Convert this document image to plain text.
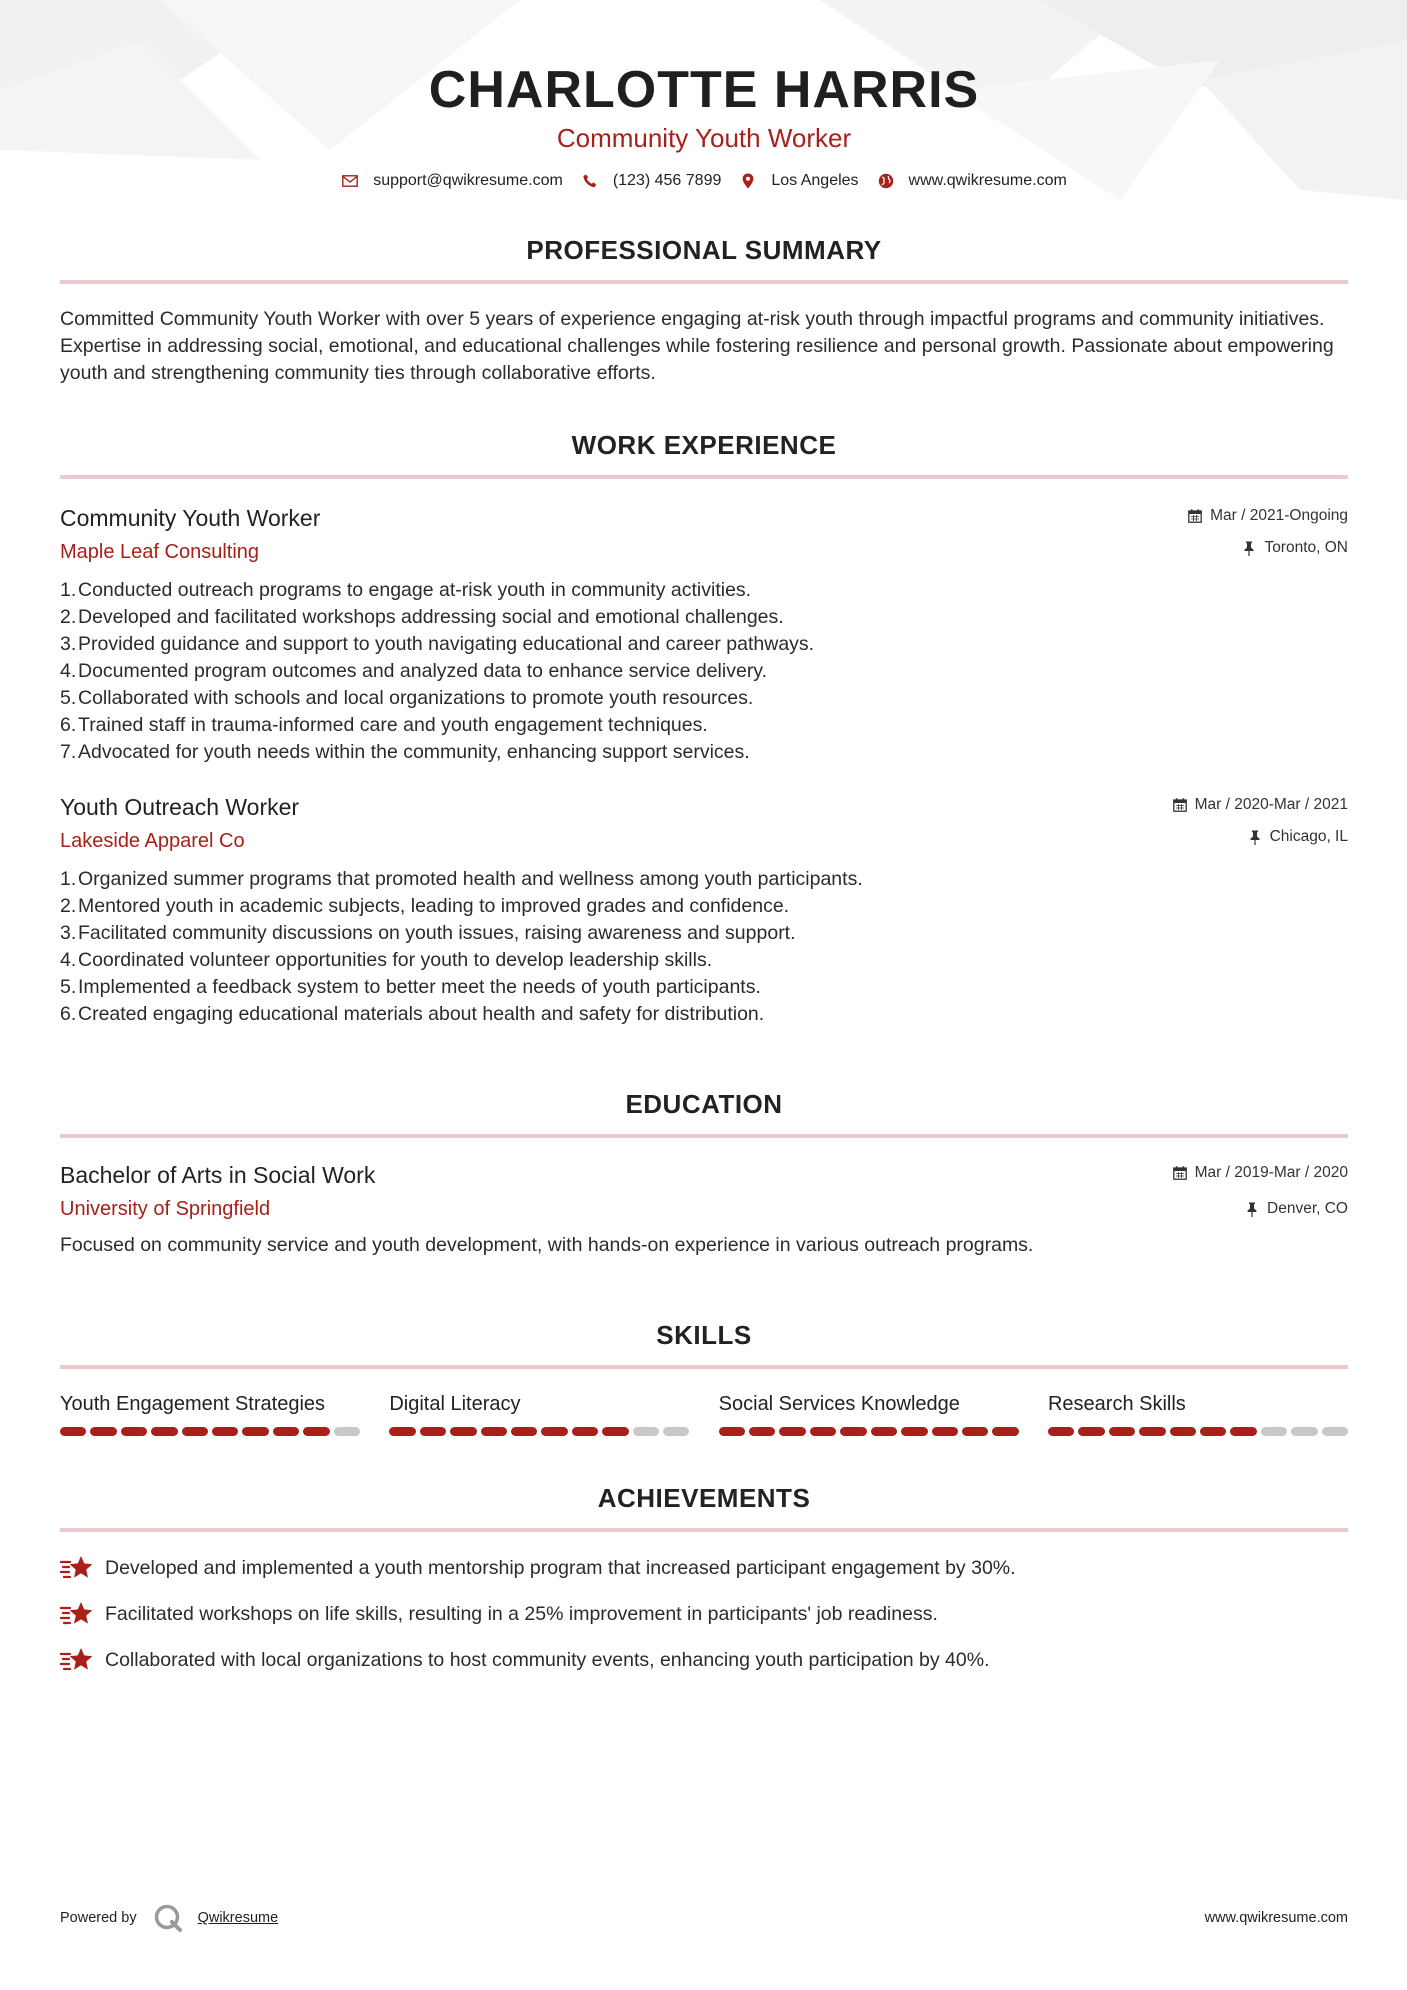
CHARLOTTE HARRIS
Community Youth Worker
support@qwikresume.com	(123) 456 7899	Los Angeles	www.qwikresume.com
PROFESSIONAL SUMMARY
Committed Community Youth Worker with over 5 years of experience engaging at-risk youth through impactful programs and community initiatives. Expertise in addressing social, emotional, and educational challenges while fostering resilience and personal growth. Passionate about empowering youth and strengthening community ties through collaborative efforts.
WORK EXPERIENCE
Community Youth Worker
Maple Leaf Consulting
Mar / 2021-Ongoing
Toronto, ON
1. Conducted outreach programs to engage at-risk youth in community activities.
2. Developed and facilitated workshops addressing social and emotional challenges.
3. Provided guidance and support to youth navigating educational and career pathways.
4. Documented program outcomes and analyzed data to enhance service delivery.
5. Collaborated with schools and local organizations to promote youth resources.
6. Trained staff in trauma-informed care and youth engagement techniques.
7. Advocated for youth needs within the community, enhancing support services.
Youth Outreach Worker
Lakeside Apparel Co
Mar / 2020-Mar / 2021
Chicago, IL
1. Organized summer programs that promoted health and wellness among youth participants.
2. Mentored youth in academic subjects, leading to improved grades and confidence.
3. Facilitated community discussions on youth issues, raising awareness and support.
4. Coordinated volunteer opportunities for youth to develop leadership skills.
5. Implemented a feedback system to better meet the needs of youth participants.
6. Created engaging educational materials about health and safety for distribution.
EDUCATION
Bachelor of Arts in Social Work
University of Springfield
Mar / 2019-Mar / 2020
Denver, CO
Focused on community service and youth development, with hands-on experience in various outreach programs.
SKILLS
Youth Engagement Strategies	Digital Literacy	Social Services Knowledge	Research Skills
ACHIEVEMENTS
Developed and implemented a youth mentorship program that increased participant engagement by 30%.
Facilitated workshops on life skills, resulting in a 25% improvement in participants' job readiness.
Collaborated with local organizations to host community events, enhancing youth participation by 40%.
Powered by	Qwikresume	www.qwikresume.com
